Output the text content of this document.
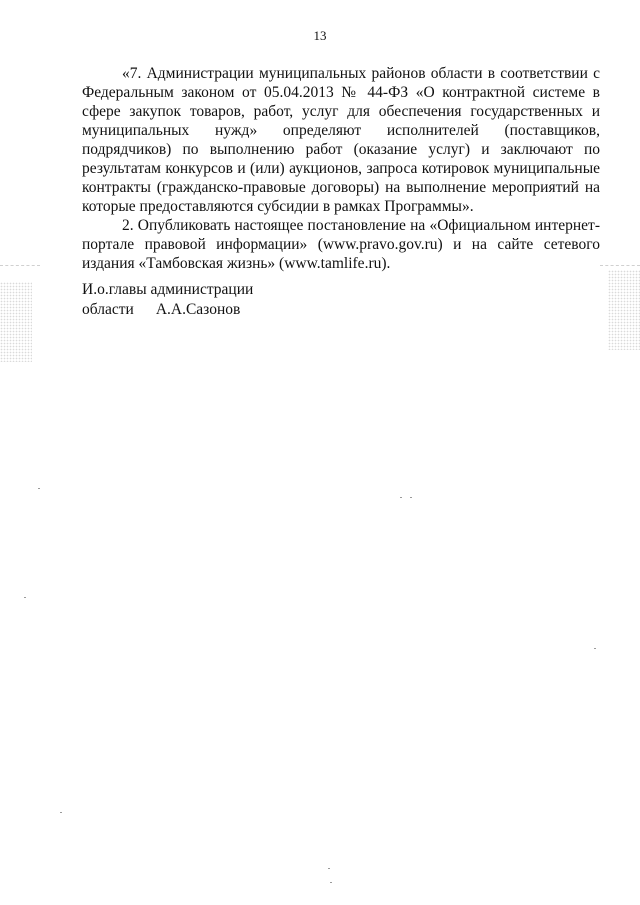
13

«7. Администрации муниципальных районов области в соответствии с Федеральным законом от 05.04.2013 № 44-ФЗ «О контрактной системе в сфере закупок товаров, работ, услуг для обеспечения государственных и муниципальных нужд» определяют исполнителей (поставщиков, подрядчиков) по выполнению работ (оказание услуг) и заключают по результатам конкурсов и (или) аукционов, запроса котировок муниципальные контракты (гражданско-правовые договоры) на выполнение мероприятий на которые предоставляются субсидии в рамках Программы».

2. Опубликовать настоящее постановление на «Официальном интернет-портале правовой информации» (www.pravo.gov.ru) и на сайте сетевого издания «Тамбовская жизнь» (www.tamlife.ru).

И.о.главы администрации
области А.А.Сазонов
